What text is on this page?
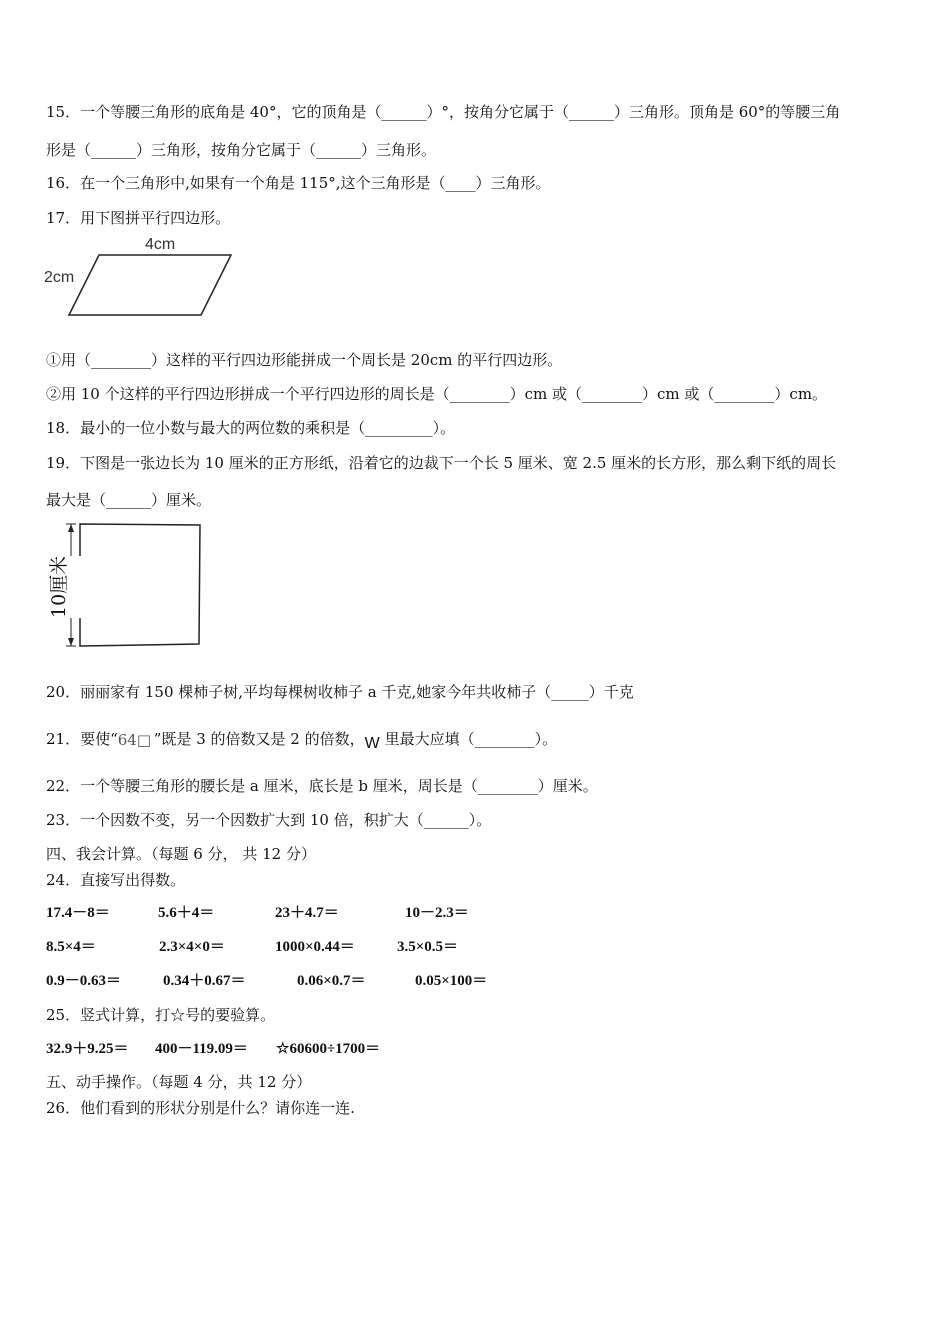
15．一个等腰三角形的底角是 40°，它的顶角是（______）°，按角分它属于（______）三角形。顶角是 60°的等腰三角
形是（______）三角形，按角分它属于（______）三角形。
16．在一个三角形中,如果有一个角是 115°,这个三角形是（____）三角形。
17．用下图拼平行四边形。
4cm
2cm
①用（________）这样的平行四边形能拼成一个周长是 20cm 的平行四边形。
②用 10 个这样的平行四边形拼成一个平行四边形的周长是（________）cm 或（________）cm 或（________）cm。
18．最小的一位小数与最大的两位数的乘积是（_________）。
19．下图是一张边长为 10 厘米的正方形纸，沿着它的边裁下一个长 5 厘米、宽 2.5 厘米的长方形，那么剩下纸的周长
最大是（______）厘米。
10厘米
20．丽丽家有 150 棵柿子树,平均每棵树收柿子 a 千克,她家今年共收柿子（_____）千克
21．要使“ 64□ ”既是 3 的倍数又是 2 的倍数， W 里最大应填（________）。
22．一个等腰三角形的腰长是 a 厘米，底长是 b 厘米，周长是（________）厘米。
23．一个因数不变，另一个因数扩大到 10 倍，积扩大（______）。
四、我会计算。（每题 6 分， 共 12 分）
24．直接写出得数。
17.4－8＝	5.6＋4＝	23＋4.7＝	10－2.3＝
8.5×4＝	2.3×4×0＝	1000×0.44＝	3.5×0.5＝
0.9－0.63＝	0.34＋0.67＝	0.06×0.7＝	0.05×100＝
25．竖式计算，打☆号的要验算。
32.9＋9.25＝ 400－119.09＝ ☆60600÷1700＝
五、动手操作。（每题 4 分，共 12 分）
26．他们看到的形状分别是什么？请你连一连.
